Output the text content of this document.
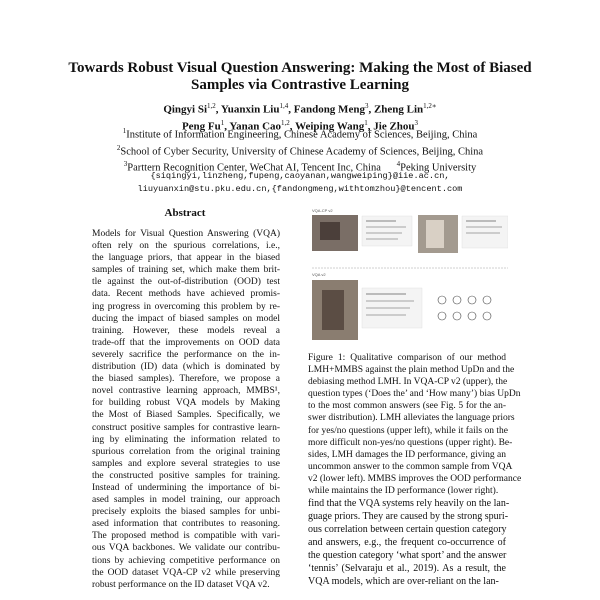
Towards Robust Visual Question Answering: Making the Most of Biased
Samples via Contrastive Learning
Qingyi Si$^{1,2}$, Yuanxin Liu$^{1,4}$, Fandong Meng$^3$, Zheng Lin$^{1,2∗}$
Peng Fu$^1$, Yanan Cao$^{1,2}$, Weiping Wang$^1$, Jie Zhou$^3$
$^1$Institute of Information Engineering, Chinese Academy of Sciences, Beijing, China
$^2$School of Cyber Security, University of Chinese Academy of Sciences, Beijing, China
$^3$Parttern Recognition Center, WeChat AI, Tencent Inc, China $^4$Peking University
{siqingyi,linzheng,fupeng,caoyanan,wangweiping}@iie.ac.cn,
liuyuanxin@stu.pku.edu.cn,{fandongmeng,withtomzhou}@tencent.com
Abstract
Models for Visual Question Answering (VQA)
often rely on the spurious correlations, i.e.,
the language priors, that appear in the biased
samples of training set, which make them brit-
tle against the out-of-distribution (OOD) test
data. Recent methods have achieved promis-
ing progress in overcoming this problem by re-
ducing the impact of biased samples on model
training. However, these models reveal a
trade-off that the improvements on OOD data
severely sacrifice the performance on the in-
distribution (ID) data (which is dominated by
the biased samples). Therefore, we propose a
novel contrastive learning approach, MMBS¹,
for building robust VQA models by Making
the Most of Biased Samples. Specifically, we
construct positive samples for contrastive learn-
ing by eliminating the information related to
spurious correlation from the original training
samples and explore several strategies to use
the constructed positive samples for training.
Instead of undermining the importance of bi-
ased samples in model training, our approach
precisely exploits the biased samples for unbi-
ased information that contributes to reasoning.
The proposed method is compatible with vari-
ous VQA backbones. We validate our contribu-
tions by achieving competitive performance on
the OOD dataset VQA-CP v2 while preserving
robust performance on the ID dataset VQA v2.
VQA-CP v2
VQA v2
Figure 1: Qualitative comparison of our method
LMH+MMBS against the plain method UpDn and the
debiasing method LMH. In VQA-CP v2 (upper), the
question types (‘Does the’ and ‘How many’) bias UpDn
to the most common answers (see Fig. 5 for the an-
swer distribution). LMH alleviates the language priors
for yes/no questions (upper left), while it fails on the
more difficult non-yes/no questions (upper right). Be-
sides, LMH damages the ID performance, giving an
uncommon answer to the common sample from VQA
v2 (lower left). MMBS improves the OOD performance
while maintains the ID performance (lower right).
find that the VQA systems rely heavily on the lan-
guage priors. They are caused by the strong spuri-
ous correlation between certain question category
and answers, e.g., the frequent co-occurrence of
the question category ‘what sport’ and the answer
‘tennis’ (Selvaraju et al., 2019). As a result, the
VQA models, which are over-reliant on the lan-
